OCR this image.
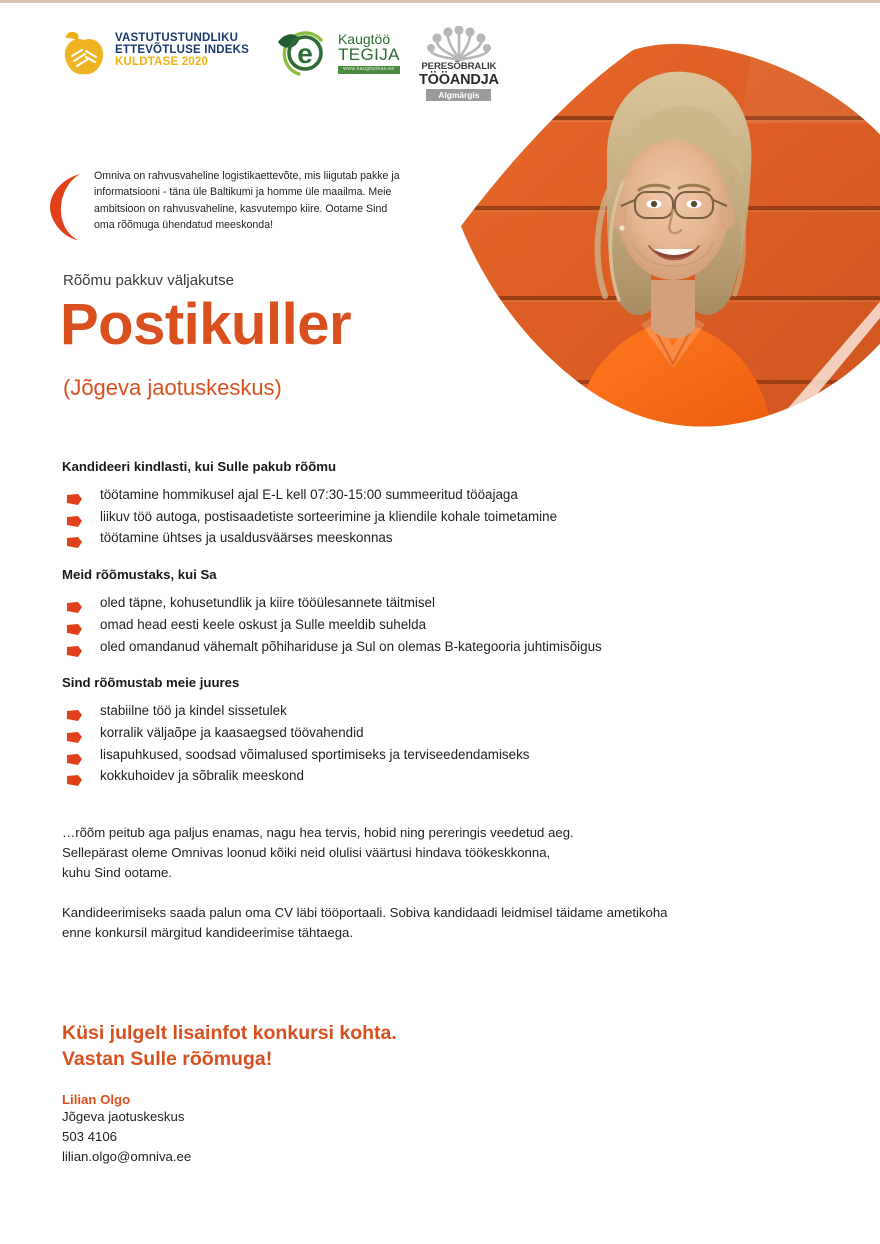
VASTUTUSTUNDLIKU
ETTEVÕTLUSE INDEKS
KULDTASE 2020	e Kaugtöö
TEGIJA
www.kaugtookas.ee	PERESÕBRALIK
TÖÖANDJA
Algmärgis
Omniva on rahvusvaheline logistikaettevõte, mis liigutab pakke ja informatsiooni - täna üle Baltikumi ja homme üle maailma. Meie ambitsioon on rahvusvaheline, kasvutempo kiire. Ootame Sind oma rõõmuga ühendatud meeskonda!
Rõõmu pakkuv väljakutse
Postikuller
(Jõgeva jaotuskeskus)
Kandideeri kindlasti, kui Sulle pakub rõõmu
töötamine hommikusel ajal E-L kell 07:30-15:00 summeeritud tööajaga
liikuv töö autoga, postisaadetiste sorteerimine ja kliendile kohale toimetamine
töötamine ühtses ja usaldusväärses meeskonnas
Meid rõõmustaks, kui Sa
oled täpne, kohusetundlik ja kiire tööülesannete täitmisel
omad head eesti keele oskust ja Sulle meeldib suhelda
oled omandanud vähemalt põhihariduse ja Sul on olemas B-kategooria juhtimisõigus
Sind rõõmustab meie juures
stabiilne töö ja kindel sissetulek
korralik väljaõpe ja kaasaegsed töövahendid
lisapuhkused, soodsad võimalused sportimiseks ja terviseedendamiseks
kokkuhoidev ja sõbralik meeskond

…rõõm peitub aga paljus enamas, nagu hea tervis, hobid ning pereringis veedetud aeg.

Sellepärast oleme Omnivas loonud kõiki neid olulisi väärtusi hindava töökeskkonna,

kuhu Sind ootame.

Kandideerimiseks saada palun oma CV läbi tööportaali. Sobiva kandidaadi leidmisel täidame ametikoha

enne konkursil märgitud kandideerimise tähtaega.

Küsi julgelt lisainfot konkursi kohta.
Vastan Sulle rõõmuga!
Lilian Olgo
Jõgeva jaotuskeskus
503 4106
lilian.olgo@omniva.ee
